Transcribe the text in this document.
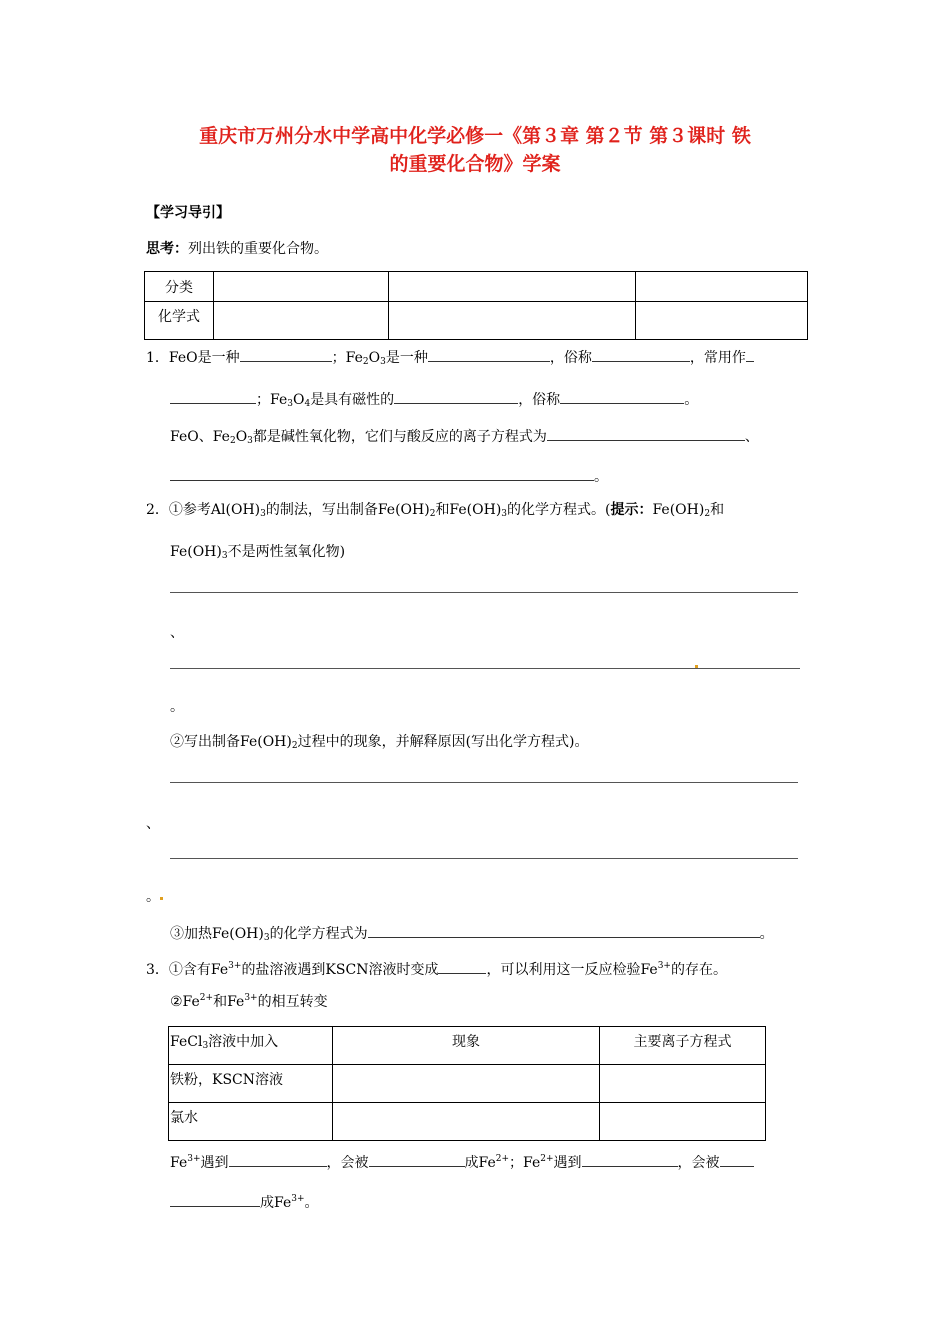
重庆市万州分水中学高中化学必修一《第３章 第２节 第３课时 铁
的重要化合物》学案
【学习导引】
思考：列出铁的重要化合物。
分类			
化学式			
1．FeO是一种	；$Fe_2O_3$是一种	，俗称	，常用作
；$Fe_3O_4$是具有磁性的	，俗称	。
FeO、$Fe_2O_3$都是碱性氧化物，它们与酸反应的离子方程式为	、
。
2．①参考$Al(OH)_3$的制法，写出制备$Fe(OH)_2$和$Fe(OH)_3$的化学方程式。(提示：$Fe(OH)_2$和
$Fe(OH)_3$不是两性氢氧化物)
、
。
②写出制备$Fe(OH)_2$过程中的现象，并解释原因(写出化学方程式)。
、
。
③加热$Fe(OH)_3$的化学方程式为	。
3．①含有$Fe^{3+}$的盐溶液遇到KSCN溶液时变成	，可以利用这一反应检验$Fe^{3+}$的存在。
$②Fe^{2+}$和$Fe^{3+}$的相互转变
FeCl$_3$溶液中加入	现象	主要离子方程式
铁粉，KSCN溶液		
氯水		
$Fe^{3+}$遇到	，会被	成$Fe^{2+}$；$Fe^{2+}$遇到	，会被
成$Fe^{3+}$。
